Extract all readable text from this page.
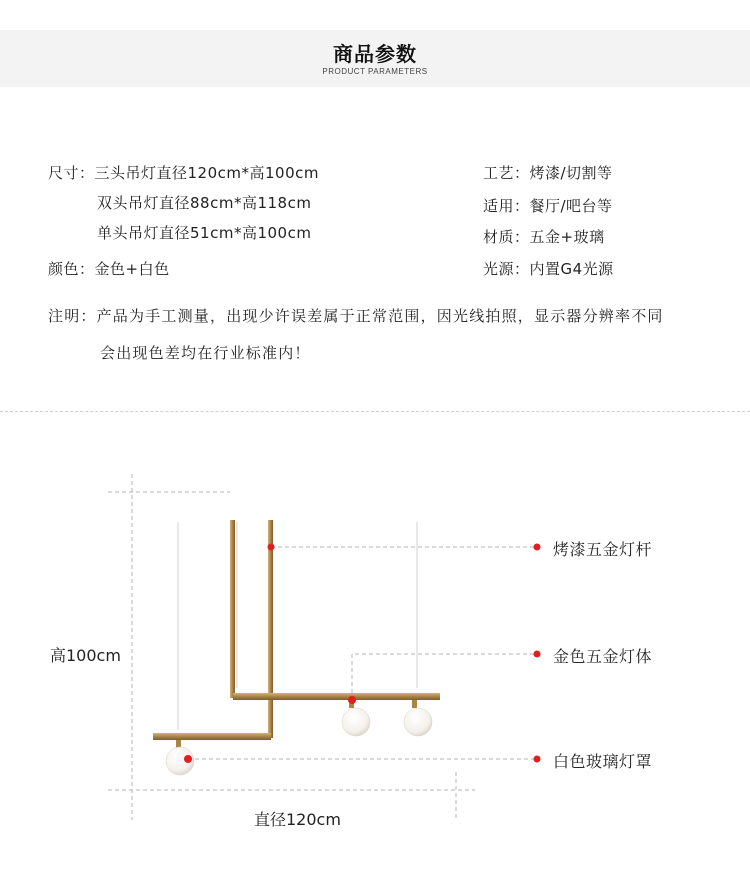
商品参数
PRODUCT PARAMETERS
尺寸：三头吊灯直径120cm*高100cm
双头吊灯直径88cm*高118cm
单头吊灯直径51cm*高100cm
颜色：金色+白色
工艺：烤漆/切割等
适用：餐厅/吧台等
材质：五金+玻璃
光源：内置G4光源
注明：产品为手工测量，出现少许误差属于正常范围，因光线拍照，显示器分辨率不同
会出现色差均在行业标准内！
烤漆五金灯杆
金色五金灯体
白色玻璃灯罩
高100cm
直径120cm
